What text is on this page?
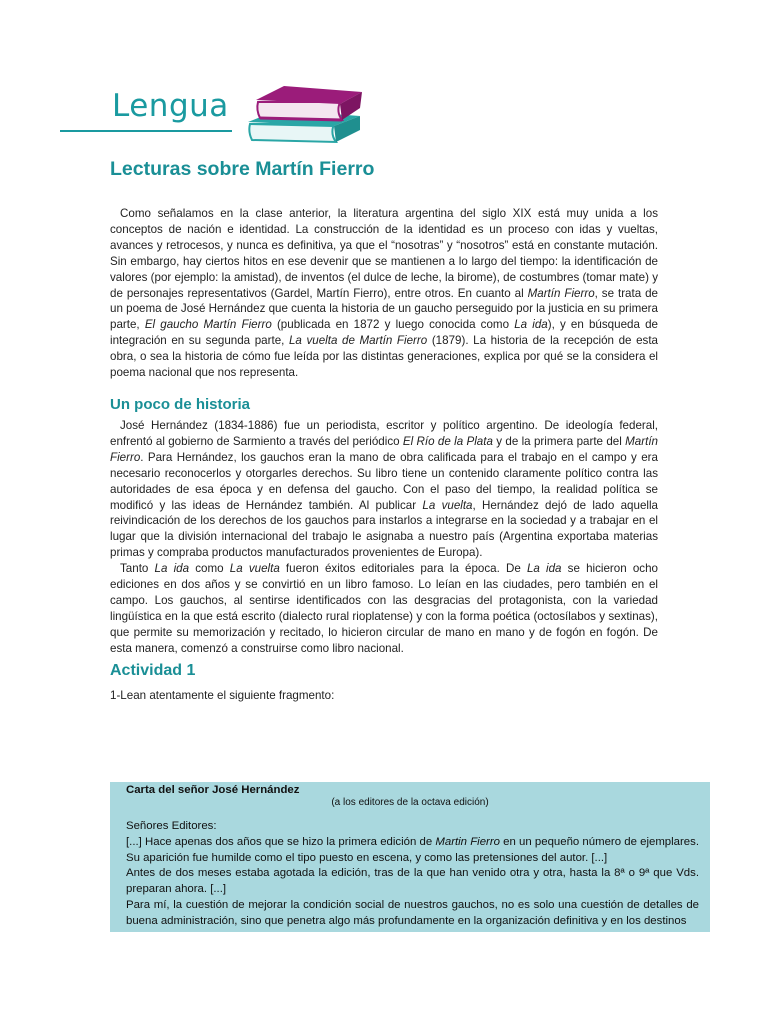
Lengua
Lecturas sobre Martín Fierro

Como señalamos en la clase anterior, la literatura argentina del siglo XIX está muy unida a los conceptos de nación e identidad. La construcción de la identidad es un proceso con idas y vueltas, avances y retrocesos, y nunca es definitiva, ya que el “nosotras” y “nosotros” está en constante mutación. Sin embargo, hay ciertos hitos en ese devenir que se mantienen a lo largo del tiempo: la identificación de valores (por ejemplo: la amistad), de inventos (el dulce de leche, la birome), de costumbres (tomar mate) y de personajes representativos (Gardel, Martín Fierro), entre otros. En cuanto al Martín Fierro, se trata de un poema de José Hernández que cuenta la historia de un gaucho perseguido por la justicia en su primera parte, El gaucho Martín Fierro (publicada en 1872 y luego conocida como La ida), y en búsqueda de integración en su segunda parte, La vuelta de Martín Fierro (1879). La historia de la recepción de esta obra, o sea la historia de cómo fue leída por las distintas generaciones, explica por qué se la considera el poema nacional que nos representa.

Un poco de historia

José Hernández (1834-1886) fue un periodista, escritor y político argentino. De ideología federal, enfrentó al gobierno de Sarmiento a través del periódico El Río de la Plata y de la primera parte del Martín Fierro. Para Hernández, los gauchos eran la mano de obra calificada para el trabajo en el campo y era necesario reconocerlos y otorgarles derechos. Su libro tiene un contenido claramente político contra las autoridades de esa época y en defensa del gaucho. Con el paso del tiempo, la realidad política se modificó y las ideas de Hernández también. Al publicar La vuelta, Hernández dejó de lado aquella reivindicación de los derechos de los gauchos para instarlos a integrarse en la sociedad y a trabajar en el lugar que la división internacional del trabajo le asignaba a nuestro país (Argentina exportaba materias primas y compraba productos manufacturados provenientes de Europa).

Tanto La ida como La vuelta fueron éxitos editoriales para la época. De La ida se hicieron ocho ediciones en dos años y se convirtió en un libro famoso. Lo leían en las ciudades, pero también en el campo. Los gauchos, al sentirse identificados con las desgracias del protagonista, con la variedad lingüística en la que está escrito (dialecto rural rioplatense) y con la forma poética (octosílabos y sextinas), que permite su memorización y recitado, lo hicieron circular de mano en mano y de fogón en fogón. De esta manera, comenzó a construirse como libro nacional.

Actividad 1
1-Lean atentamente el siguiente fragmento:
Carta del señor José Hernández
(a los editores de la octava edición)
Señores Editores:

[...] Hace apenas dos años que se hizo la primera edición de Martin Fierro en un pequeño número de ejemplares. Su aparición fue humilde como el tipo puesto en escena, y como las pretensiones del autor. [...]

Antes de dos meses estaba agotada la edición, tras de la que han venido otra y otra, hasta la 8ª o 9ª que Vds. preparan ahora. [...]

Para mí, la cuestión de mejorar la condición social de nuestros gauchos, no es solo una cuestión de detalles de buena administración, sino que penetra algo más profundamente en la organización definitiva y en los destinos
